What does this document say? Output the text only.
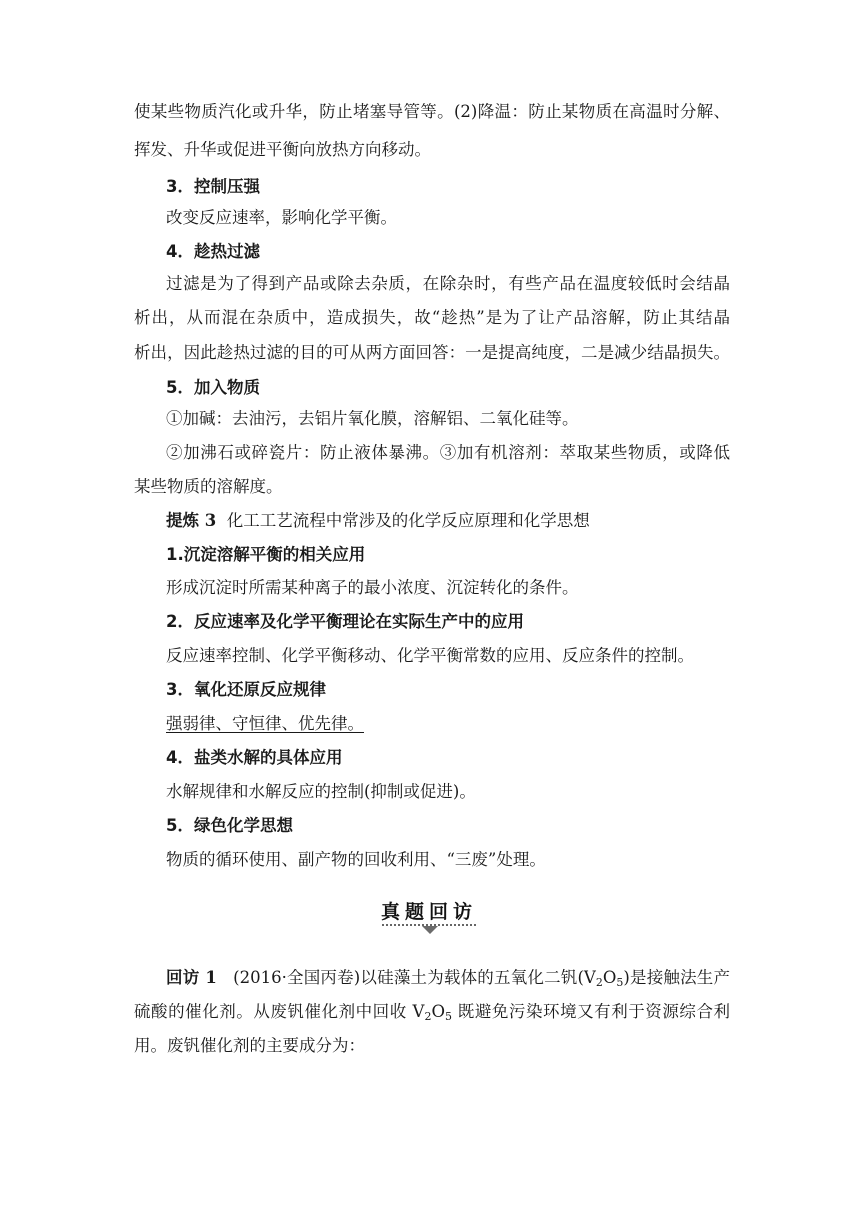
使某些物质汽化或升华，防止堵塞导管等。(2)降温：防止某物质在高温时分解、
挥发、升华或促进平衡向放热方向移动。
3．控制压强
改变反应速率，影响化学平衡。
4．趁热过滤
过滤是为了得到产品或除去杂质，在除杂时，有些产品在温度较低时会结晶
析出，从而混在杂质中，造成损失，故“趁热”是为了让产品溶解，防止其结晶
析出，因此趁热过滤的目的可从两方面回答：一是提高纯度，二是减少结晶损失。
5．加入物质
①加碱：去油污，去铝片氧化膜，溶解铝、二氧化硅等。
②加沸石或碎瓷片：防止液体暴沸。③加有机溶剂：萃取某些物质，或降低
某些物质的溶解度。
提炼 3 化工工艺流程中常涉及的化学反应原理和化学思想
1.沉淀溶解平衡的相关应用
形成沉淀时所需某种离子的最小浓度、沉淀转化的条件。
2．反应速率及化学平衡理论在实际生产中的应用
反应速率控制、化学平衡移动、化学平衡常数的应用、反应条件的控制。
3．氧化还原反应规律
强弱律、守恒律、优先律。
4．盐类水解的具体应用
水解规律和水解反应的控制(抑制或促进)。
5．绿色化学思想
物质的循环使用、副产物的回收利用、“三废”处理。
真题回访
回访 1 (2016·全国丙卷)以硅藻土为载体的五氧化二钒$(V_2O_5)$是接触法生产
硫酸的催化剂。从废钒催化剂中回收 $V_2O_5$ 既避免污染环境又有利于资源综合利
用。废钒催化剂的主要成分为：
